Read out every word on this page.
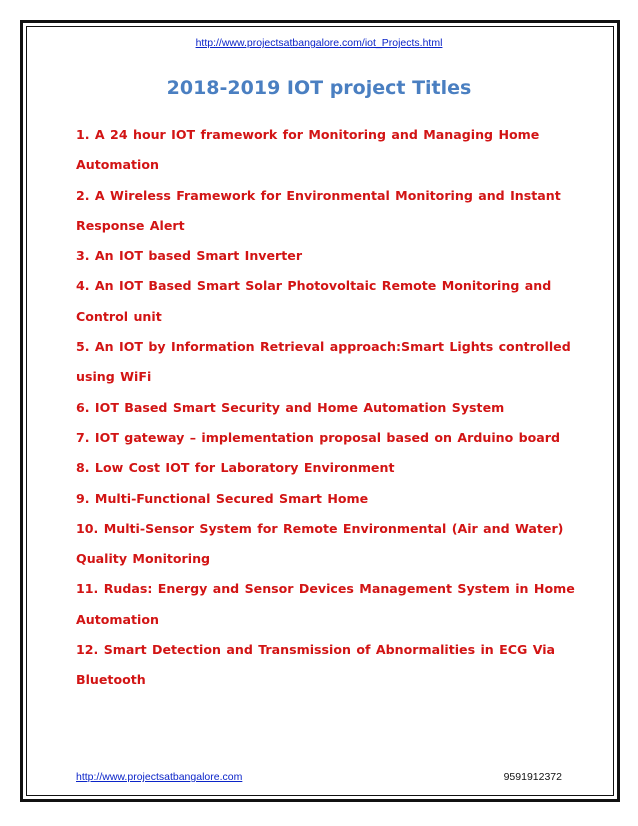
http://www.projectsatbangalore.com/iot_Projects.html
2018-2019 IOT project Titles
1. A 24 hour IOT framework for Monitoring and Managing Home
Automation
2. A Wireless Framework for Environmental Monitoring and Instant
Response Alert
3. An IOT based Smart Inverter
4. An IOT Based Smart Solar Photovoltaic Remote Monitoring and
Control unit
5. An IOT by Information Retrieval approach:Smart Lights controlled
using WiFi
6. IOT Based Smart Security and Home Automation System
7. IOT gateway – implementation proposal based on Arduino board
8. Low Cost IOT for Laboratory Environment
9. Multi-Functional Secured Smart Home
10. Multi-Sensor System for Remote Environmental (Air and Water)
Quality Monitoring
11. Rudas: Energy and Sensor Devices Management System in Home
Automation
12. Smart Detection and Transmission of Abnormalities in ECG Via
Bluetooth
http://www.projectsatbangalore.com	9591912372
